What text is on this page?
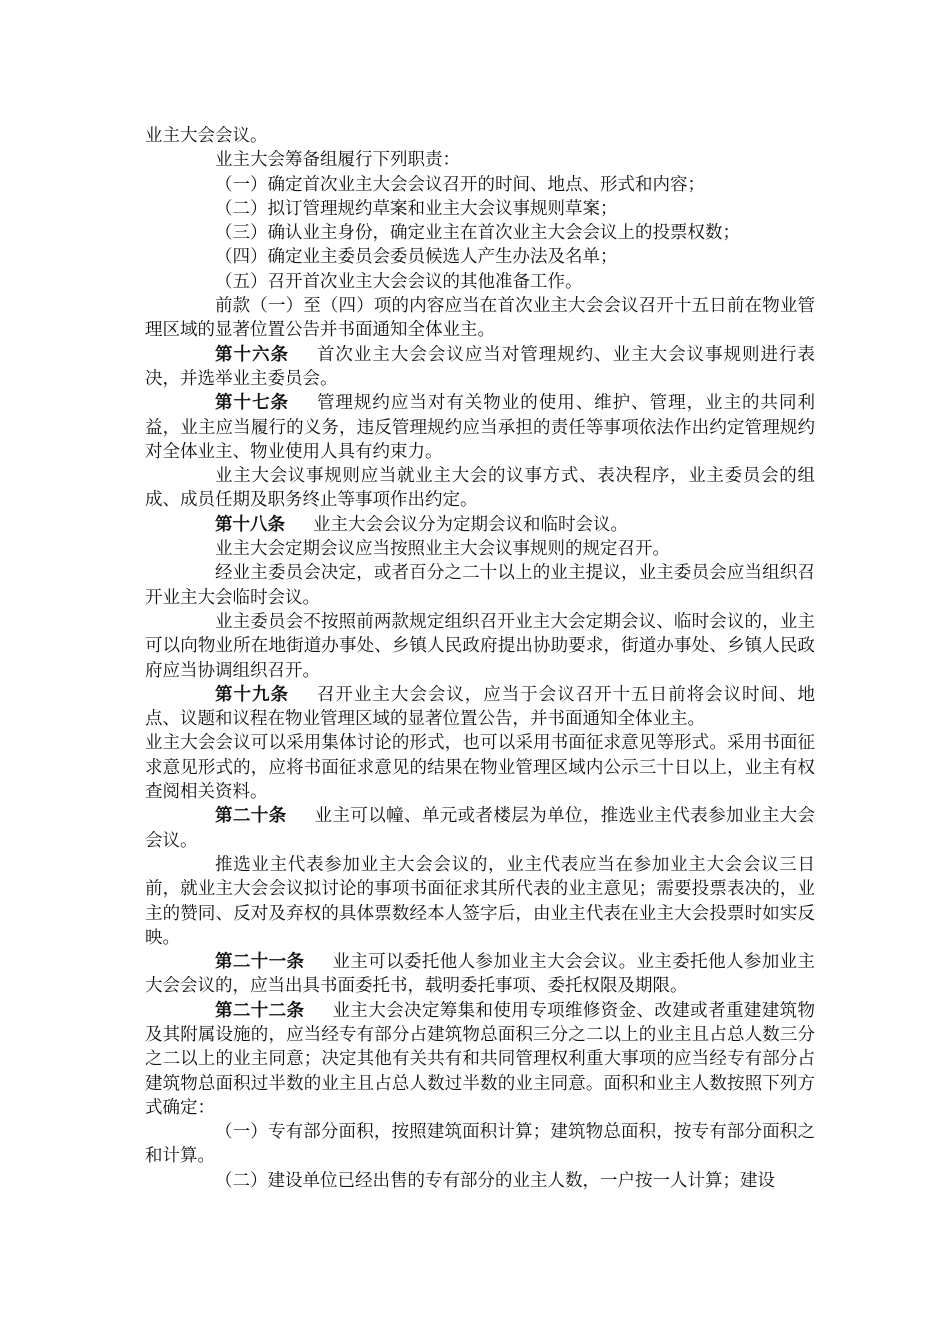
业主大会会议。

业主大会筹备组履行下列职责：

（一）确定首次业主大会会议召开的时间、地点、形式和内容；

（二）拟订管理规约草案和业主大会议事规则草案；

（三）确认业主身份，确定业主在首次业主大会会议上的投票权数；

（四）确定业主委员会委员候选人产生办法及名单；

（五）召开首次业主大会会议的其他准备工作。

前款（一）至（四）项的内容应当在首次业主大会会议召开十五日前在物业管理区域的显著位置公告并书面通知全体业主。

第十六条 首次业主大会会议应当对管理规约、业主大会议事规则进行表决，并选举业主委员会。

第十七条 管理规约应当对有关物业的使用、维护、管理，业主的共同利益，业主应当履行的义务，违反管理规约应当承担的责任等事项依法作出约定管理规约对全体业主、物业使用人具有约束力。

业主大会议事规则应当就业主大会的议事方式、表决程序，业主委员会的组成、成员任期及职务终止等事项作出约定。

第十八条 业主大会会议分为定期会议和临时会议。

业主大会定期会议应当按照业主大会议事规则的规定召开。

经业主委员会决定，或者百分之二十以上的业主提议，业主委员会应当组织召开业主大会临时会议。

业主委员会不按照前两款规定组织召开业主大会定期会议、临时会议的，业主可以向物业所在地街道办事处、乡镇人民政府提出协助要求，街道办事处、乡镇人民政府应当协调组织召开。

第十九条 召开业主大会会议，应当于会议召开十五日前将会议时间、地点、议题和议程在物业管理区域的显著位置公告，并书面通知全体业主。

业主大会会议可以采用集体讨论的形式，也可以采用书面征求意见等形式。采用书面征求意见形式的，应将书面征求意见的结果在物业管理区域内公示三十日以上，业主有权查阅相关资料。

第二十条 业主可以幢、单元或者楼层为单位，推选业主代表参加业主大会会议。

推选业主代表参加业主大会会议的，业主代表应当在参加业主大会会议三日前，就业主大会会议拟讨论的事项书面征求其所代表的业主意见；需要投票表决的，业主的赞同、反对及弃权的具体票数经本人签字后，由业主代表在业主大会投票时如实反映。

第二十一条 业主可以委托他人参加业主大会会议。业主委托他人参加业主大会会议的，应当出具书面委托书，载明委托事项、委托权限及期限。

第二十二条 业主大会决定筹集和使用专项维修资金、改建或者重建建筑物及其附属设施的，应当经专有部分占建筑物总面积三分之二以上的业主且占总人数三分之二以上的业主同意；决定其他有关共有和共同管理权利重大事项的应当经专有部分占建筑物总面积过半数的业主且占总人数过半数的业主同意。面积和业主人数按照下列方式确定：

（一）专有部分面积，按照建筑面积计算；建筑物总面积，按专有部分面积之和计算。

（二）建设单位已经出售的专有部分的业主人数，一户按一人计算；建设
